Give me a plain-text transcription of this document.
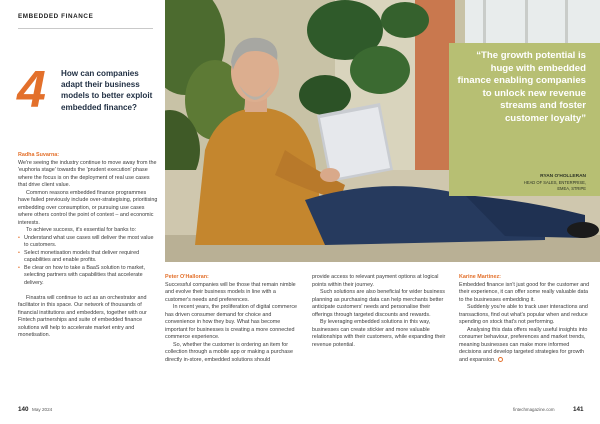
EMBEDDED FINANCE
4 How can companies adapt their business models to better exploit embedded finance?

Radha Suvarna:

We're seeing the industry continue to move away from the 'euphoria stage' towards the 'prudent execution' phase where the focus is on the deployment of real use cases that drive client value.

Common reasons embedded finance programmes have failed previously include over-strategising, prioritising embedding over consumption, or pursuing use cases where others control the point of context – and economic interests.

To achieve success, it's essential for banks to:

• Understand what use cases will deliver the most value to customers.
• Select monetisation models that deliver required capabilities and enable profits.
• Be clear on how to take a BaaS solution to market, selecting partners with capabilities that accelerate delivery.

Finastra will continue to act as an orchestrator and facilitator in this space. Our network of thousands of financial institutions and embedders, together with our Fintech partnerships and suite of embedded finance solutions will help to accelerate market entry and monetisation.

“The growth potential is huge with embedded finance enabling companies to unlock new revenue streams and foster customer loyalty”
RYAN O'HOLLERAN
HEAD OF SALES, ENTERPRISE,
EMEA, STRIPE

Peter O'Halloran:

Successful companies will be those that remain nimble and evolve their business models in line with a customer's needs and preferences.

In recent years, the proliferation of digital commerce has driven consumer demand for choice and convenience in how they buy. What has become important for businesses is creating a more connected commerce experience.

So, whether the customer is ordering an item for collection through a mobile app or making a purchase directly in-store, embedded solutions should

provide access to relevant payment options at logical points within their journey.

Such solutions are also beneficial for wider business planning as purchasing data can help merchants better anticipate customers' needs and personalise their offerings through targeted discounts and rewards.

By leveraging embedded solutions in this way, businesses can create stickier and more valuable relationships with their customers, while expanding their revenue potential.

Karine Martinez:

Embedded finance isn't just good for the customer and their experience, it can offer some really valuable data to the businesses embedding it.

Suddenly you're able to track user interactions and transactions, find out what's popular when and reduce spending on stock that's not performing.

Analysing this data offers really useful insights into consumer behaviour, preferences and market trends, meaning businesses can make more informed decisions and develop targeted strategies for growth and expansion.

140 May 2024	fintechmagazine.com	141
